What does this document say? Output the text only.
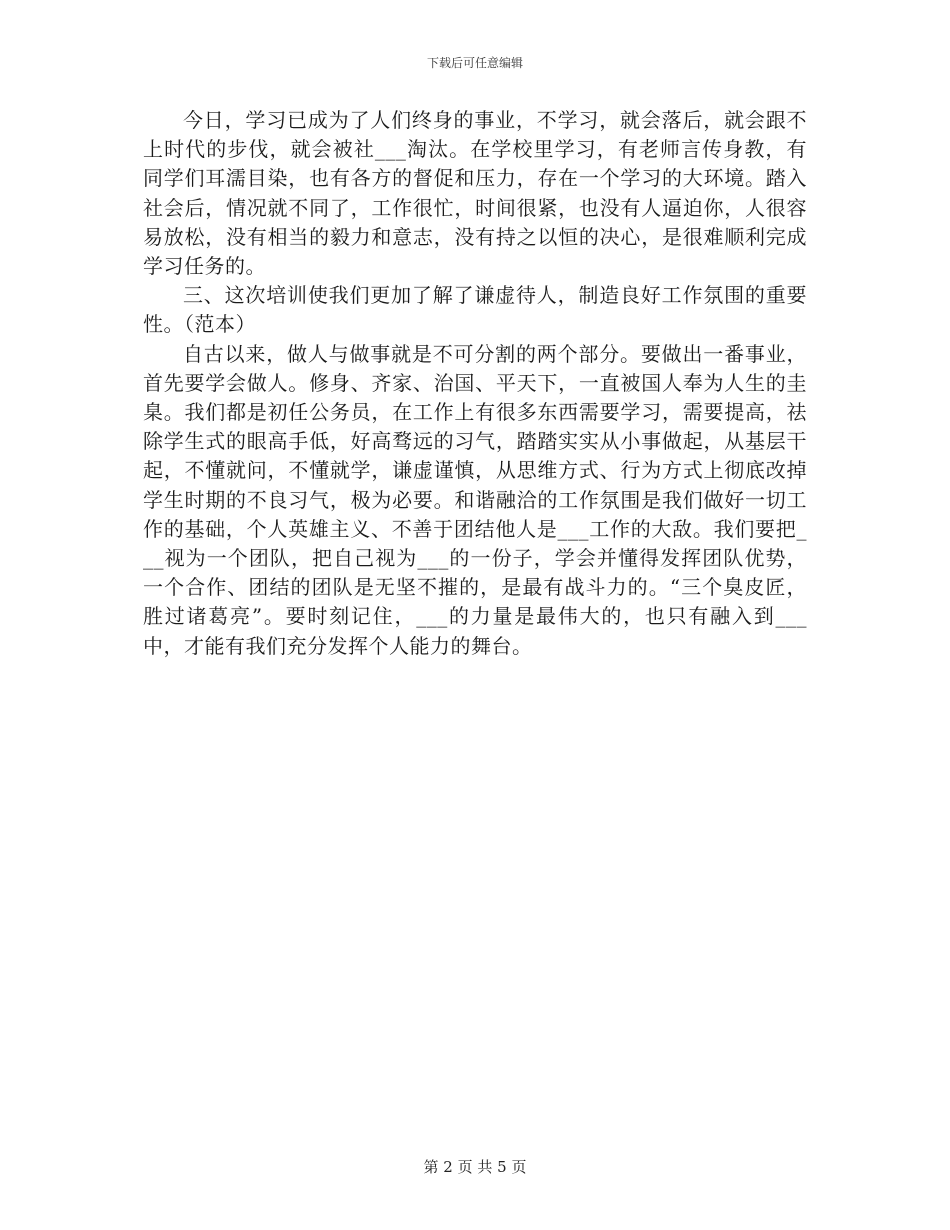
下载后可任意编辑

今日，学习已成为了人们终身的事业，不学习，就会落后，就会跟不上时代的步伐，就会被社___淘汰。在学校里学习，有老师言传身教，有同学们耳濡目染，也有各方的督促和压力，存在一个学习的大环境。踏入社会后，情况就不同了，工作很忙，时间很紧，也没有人逼迫你，人很容易放松，没有相当的毅力和意志，没有持之以恒的决心，是很难顺利完成学习任务的。

三、这次培训使我们更加了解了谦虚待人，制造良好工作氛围的重要性。（范本）

自古以来，做人与做事就是不可分割的两个部分。要做出一番事业，首先要学会做人。修身、齐家、治国、平天下，一直被国人奉为人生的圭臬。我们都是初任公务员，在工作上有很多东西需要学习，需要提高，祛除学生式的眼高手低，好高骛远的习气，踏踏实实从小事做起，从基层干起，不懂就问，不懂就学，谦虚谨慎，从思维方式、行为方式上彻底改掉学生时期的不良习气，极为必要。和谐融洽的工作氛围是我们做好一切工作的基础，个人英雄主义、不善于团结他人是___工作的大敌。我们要把___视为一个团队，把自己视为___的一份子，学会并懂得发挥团队优势，一个合作、团结的团队是无坚不摧的，是最有战斗力的。“三个臭皮匠，胜过诸葛亮”。要时刻记住，___的力量是最伟大的，也只有融入到___中，才能有我们充分发挥个人能力的舞台。

第 2 页 共 5 页
